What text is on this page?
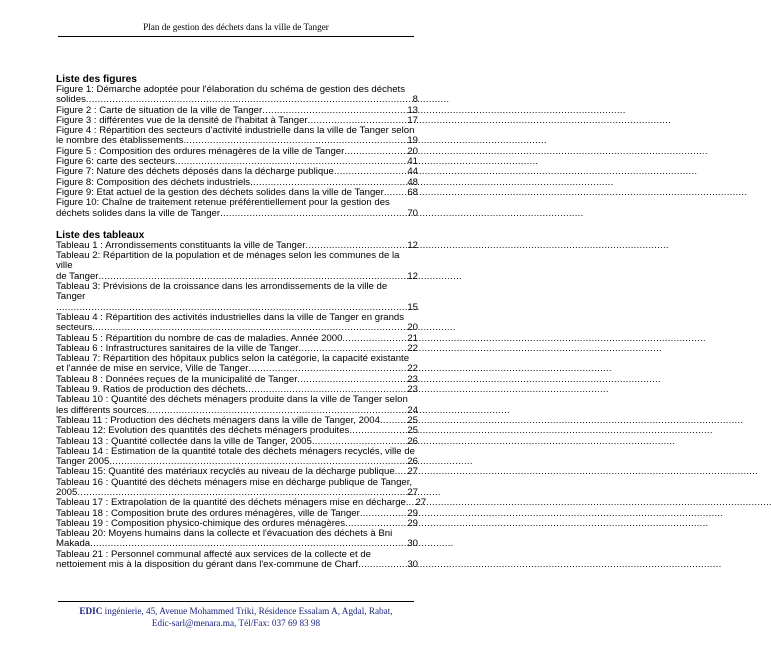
Plan de gestion des déchets dans la ville de Tanger

Liste des figures

Figure 1: Démarche adoptée pour l'élaboration du schéma de gestion des déchets
solides . . .	8
Figure 2 : Carte de situation de la ville de Tanger . . .	13
Figure 3 : différentes vue de la densité de l'habitat à Tanger . . .	17
Figure 4 : Répartition des secteurs d'activité industrielle dans la ville de Tanger selon
le nombre des établissements . . .	19
Figure 5 : Composition des ordures ménagères de la ville de Tanger . . .	20
Figure 6: carte des secteurs . . .	41
Figure 7: Nature des déchets déposés dans la décharge publique . . .	44
Figure 8: Composition des déchets industriels . . .	48
Figure 9: Etat actuel de la gestion des déchets solides dans la ville de Tanger . . . 68
Figure 10: Chaîne de traitement retenue préférentiellement pour la gestion des
déchets solides dans la ville de Tanger . . .	70

Liste des tableaux

Tableau 1 : Arrondissements constituants la ville de Tanger . . .	12
Tableau 2: Répartition de la population et de ménages selon les communes de la ville
de Tanger . . .	12
Tableau 3: Prévisions de la croissance dans les arrondissements de la ville de Tanger
. . .
15
Tableau 4 : Répartition des activités industrielles dans la ville de Tanger en grands
secteurs . . .	20
Tableau 5 : Répartition du nombre de cas de maladies. Année 2000 . . .	21
Tableau 6 : Infrastructures sanitaires de la ville de Tanger . . .	22
Tableau 7: Répartition des hôpitaux publics selon la catégorie, la capacité existante
et l'année de mise en service, Ville de Tanger . . .	22
Tableau 8 : Données reçues de la municipalité de Tanger . . .	23
Tableau 9. Ratios de production des déchets . . .	23
Tableau 10 : Quantité des déchets ménagers produite dans la ville de Tanger selon
les différents sources . . .	24
Tableau 11 : Production des déchets ménagers dans la ville de Tanger, 2004 . . .	25
Tableau 12: Evolution des quantités des déchets ménagers produites . . .	25
Tableau 13 : Quantité collectée dans la ville de Tanger, 2005 . . .	26
Tableau 14 : Estimation de la quantité totale des déchets ménagers recyclés, ville de
Tanger 2005 . . .	26
Tableau 15: Quantité des matériaux recyclés au niveau de la décharge publique . . . 27
Tableau 16 : Quantité des déchets ménagers mise en décharge publique de Tanger,
2005 . . .	27
Tableau 17 : Extrapolation de la quantité des déchets ménagers mise en décharge. . . . 27
Tableau 18 : Composition brute des ordures ménagères, ville de Tanger . . .	29
Tableau 19 : Composition physico-chimique des ordures ménagères . . .	29
Tableau 20: Moyens humains dans la collecte et l'évacuation des déchets à Bni
Makada . . .	30
Tableau 21 : Personnel communal affecté aux services de la collecte et de
nettoiement mis à la disposition du gérant dans l'ex-commune de Charf . . .	30
EDIC ingénierie, 45, Avenue Mohammed Triki, Résidence Essalam A, Agdal, Rabat,
Edic-sarl@menara.ma, Tél/Fax: 037 69 83 98
